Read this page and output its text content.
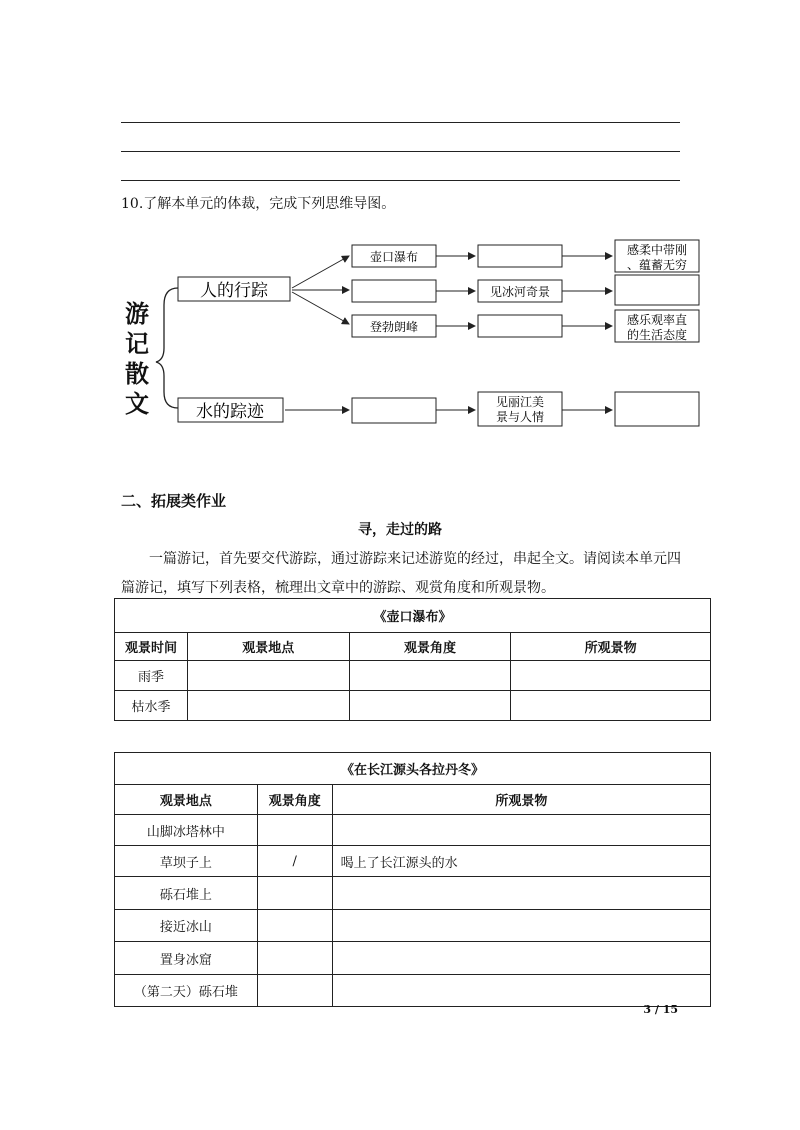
10.了解本单元的体裁，完成下列思维导图。
游
记
散
文
人的行踪
水的踪迹
壶口瀑布
登勃朗峰
见冰河奇景
见丽江美
景与人情
感柔中带刚
、蕴蓄无穷
感乐观率直
的生活态度
二、拓展类作业
寻，走过的路
一篇游记，首先要交代游踪，通过游踪来记述游览的经过，串起全文。请阅读本单元四篇游记，填写下列表格，梳理出文章中的游踪、观赏角度和所观景物。
《壶口瀑布》			
观景时间	观景地点	观景角度	所观景物
雨季			
枯水季			
《在长江源头各拉丹冬》		
观景地点	观景角度	所观景物
山脚冰塔林中		
草坝子上	/	喝上了长江源头的水
砾石堆上		
接近冰山		
置身冰窟		
（第二天）砾石堆		
3 / 15
